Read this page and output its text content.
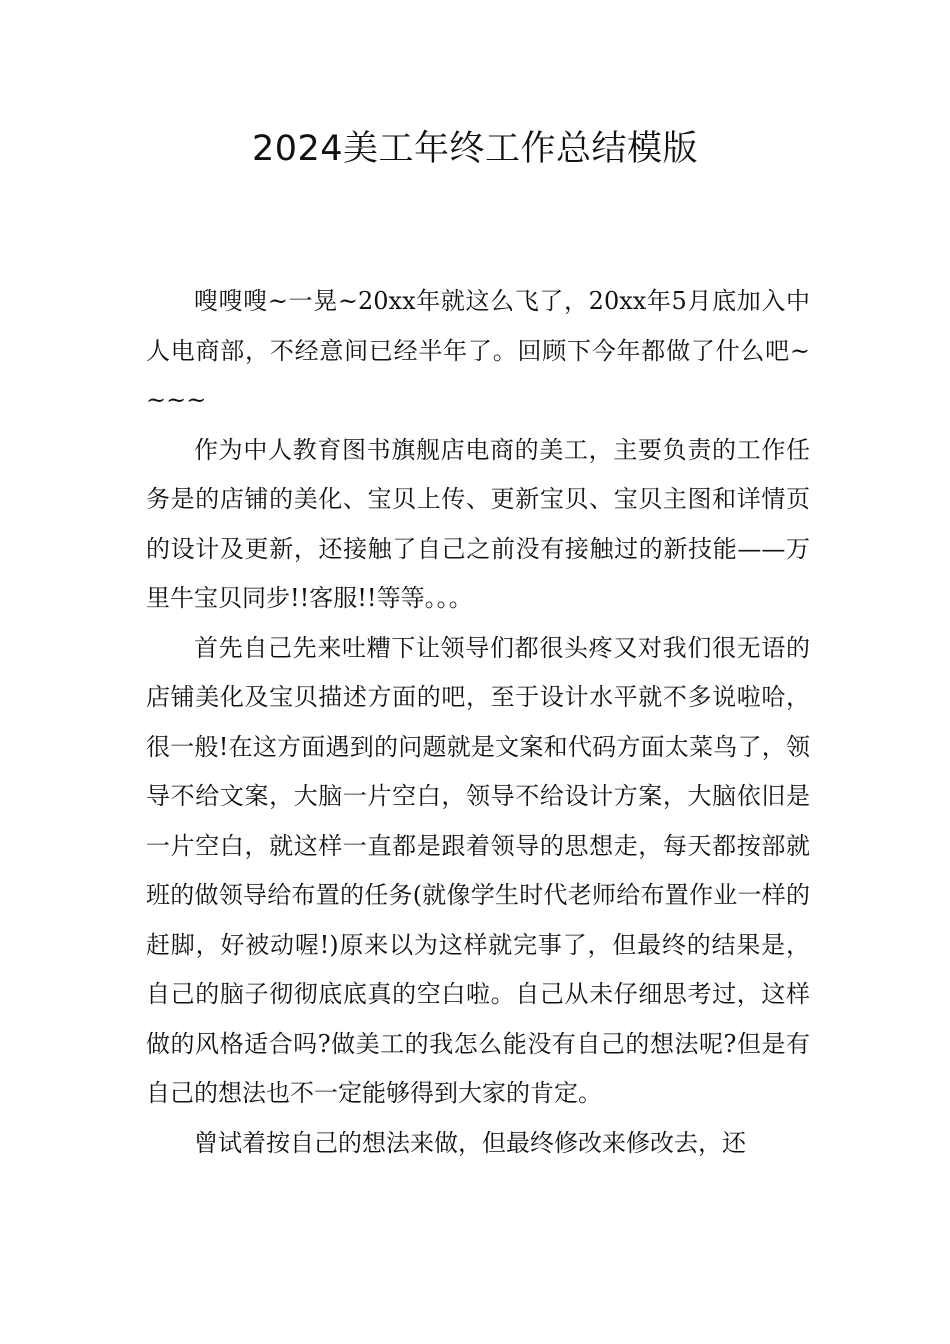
2024美工年终工作总结模版

嗖嗖嗖~一晃~20xx年就这么飞了，20xx年5月底加入中人电商部，不经意间已经半年了。回顾下今年都做了什么吧~~~~

作为中人教育图书旗舰店电商的美工，主要负责的工作任务是的店铺的美化、宝贝上传、更新宝贝、宝贝主图和详情页的设计及更新，还接触了自己之前没有接触过的新技能——万里牛宝贝同步!!客服!!等等。。。

首先自己先来吐糟下让领导们都很头疼又对我们很无语的店铺美化及宝贝描述方面的吧，至于设计水平就不多说啦哈，很一般!在这方面遇到的问题就是文案和代码方面太菜鸟了，领导不给文案，大脑一片空白，领导不给设计方案，大脑依旧是一片空白，就这样一直都是跟着领导的思想走，每天都按部就班的做领导给布置的任务(就像学生时代老师给布置作业一样的赶脚，好被动喔!)原来以为这样就完事了，但最终的结果是，自己的脑子彻彻底底真的空白啦。自己从未仔细思考过，这样做的风格适合吗?做美工的我怎么能没有自己的想法呢?但是有自己的想法也不一定能够得到大家的肯定。

曾试着按自己的想法来做，但最终修改来修改去，还
